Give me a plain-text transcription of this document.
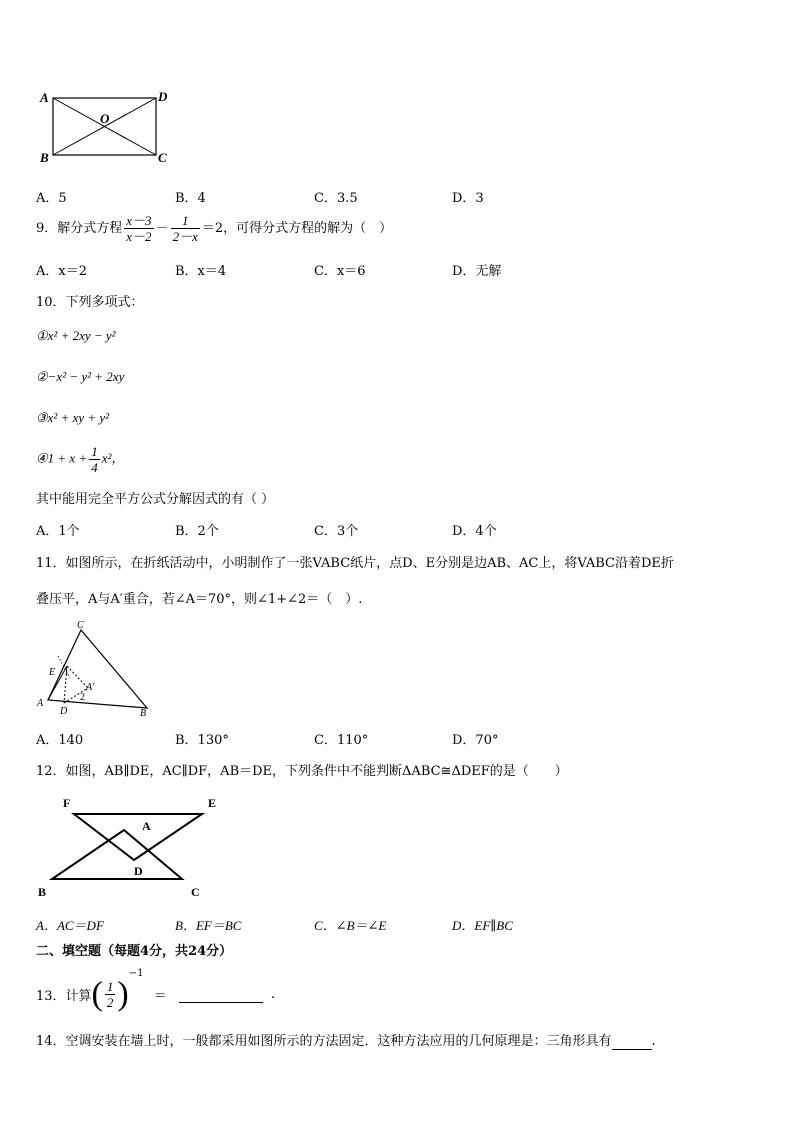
A	D
O
B	C
A．5	B．4	C．3.5	D．3
9．解分式方程 $\frac{x-3}{x-2} - \frac{1}{2-x} =2$，可得分式方程的解为（　）
A．x＝2	B．x＝4	C．x＝6	D．无解
10．下列多项式：
①x² + 2xy − y²
②−x² − y² + 2xy
③x² + xy + y²
④1 + $x + \frac{1}{4} x^2$，
其中能用完全平方公式分解因式的有（ ）
A．1个	B．2个	C．3个	D．4个
11．如图所示，在折纸活动中，小明制作了一张VABC纸片，点D、E分别是边AB、AC上，将VABC沿着DE折
叠压平，A与A′重合，若∠A＝70°，则∠1+∠2＝（　）.
C
E 1
A′
2
A
D	B
A．140	B．130°	C．110°	D．70°
12．如图，AB∥DE，AC∥DF，AB＝DE，下列条件中不能判断ΔABC≅ΔDEF的是（　　）
F	E
A
D
B	C
A．AC＝DF	B．EF＝BC	C．∠B＝∠E	D．EF∥BC
二、填空题（每题4分，共24分）
13．计算( $\frac{1}{2} )^{-1}$ ＝	.
14．空调安装在墙上时，一般都采用如图所示的方法固定．这种方法应用的几何原理是：三角形具有	.
